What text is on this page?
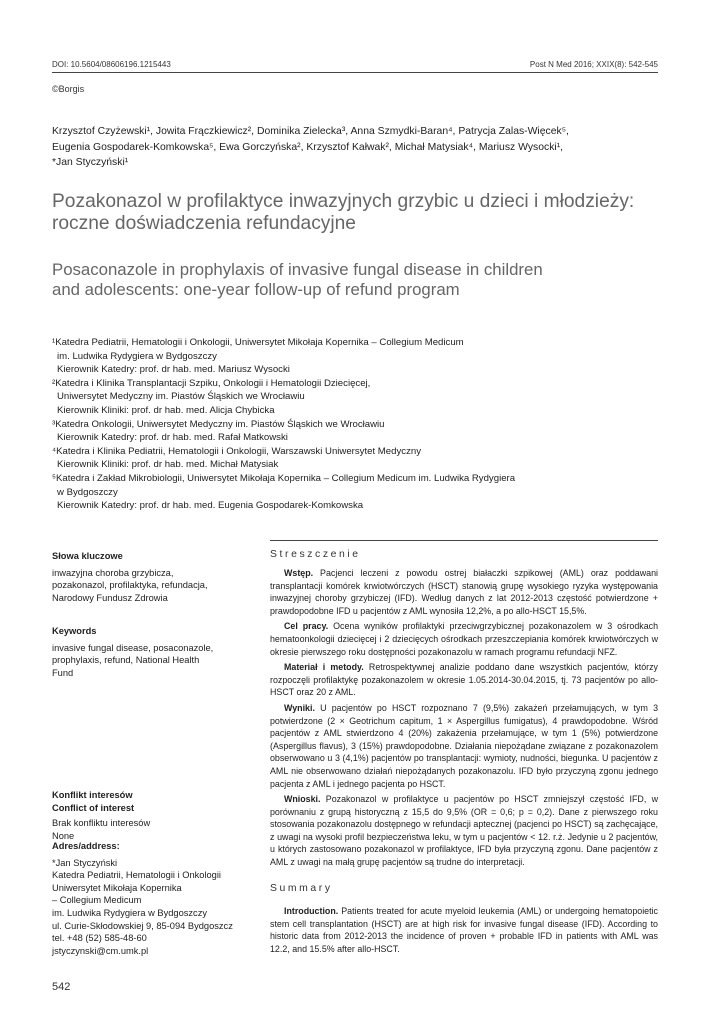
DOI: 10.5604/08606196.1215443	Post N Med 2016; XXIX(8): 542-545
©Borgis
Krzysztof Czyżewski¹, Jowita Frączkiewicz², Dominika Zielecka³, Anna Szmydki-Baran⁴, Patrycja Zalas-Więcek⁵,
Eugenia Gospodarek-Komkowska⁵, Ewa Gorczyńska², Krzysztof Kałwak², Michał Matysiak⁴, Mariusz Wysocki¹,
*Jan Styczyński¹
Pozakonazol w profilaktyce inwazyjnych grzybic u dzieci i młodzieży:
roczne doświadczenia refundacyjne
Posaconazole in prophylaxis of invasive fungal disease in children
and adolescents: one-year follow-up of refund program
¹Katedra Pediatrii, Hematologii i Onkologii, Uniwersytet Mikołaja Kopernika – Collegium Medicum
im. Ludwika Rydygiera w Bydgoszczy
Kierownik Katedry: prof. dr hab. med. Mariusz Wysocki
²Katedra i Klinika Transplantacji Szpiku, Onkologii i Hematologii Dziecięcej,
Uniwersytet Medyczny im. Piastów Śląskich we Wrocławiu
Kierownik Kliniki: prof. dr hab. med. Alicja Chybicka
³Katedra Onkologii, Uniwersytet Medyczny im. Piastów Śląskich we Wrocławiu
Kierownik Katedry: prof. dr hab. med. Rafał Matkowski
⁴Katedra i Klinika Pediatrii, Hematologii i Onkologii, Warszawski Uniwersytet Medyczny
Kierownik Kliniki: prof. dr hab. med. Michał Matysiak
⁵Katedra i Zakład Mikrobiologii, Uniwersytet Mikołaja Kopernika – Collegium Medicum im. Ludwika Rydygiera
w Bydgoszczy
Kierownik Katedry: prof. dr hab. med. Eugenia Gospodarek-Komkowska
Słowa kluczowe
inwazyjna choroba grzybicza,
pozakonazol, profilaktyka, refundacja,
Narodowy Fundusz Zdrowia
Keywords
invasive fungal disease, posaconazole,
prophylaxis, refund, National Health
Fund
Konflikt interesów
Conflict of interest
Brak konfliktu interesów
None
Adres/address:
*Jan Styczyński
Katedra Pediatrii, Hematologii i Onkologii
Uniwersytet Mikołaja Kopernika
– Collegium Medicum
im. Ludwika Rydygiera w Bydgoszczy
ul. Curie-Skłodowskiej 9, 85-094 Bydgoszcz
tel. +48 (52) 585-48-60
jstyczynski@cm.umk.pl
Streszczenie

Wstęp. Pacjenci leczeni z powodu ostrej białaczki szpikowej (AML) oraz poddawani transplantacji komórek krwiotwórczych (HSCT) stanowią grupę wysokiego ryzyka występowania inwazyjnej choroby grzybiczej (IFD). Według danych z lat 2012-2013 częstość potwierdzone + prawdopodobne IFD u pacjentów z AML wynosiła 12,2%, a po allo-HSCT 15,5%.

Cel pracy. Ocena wyników profilaktyki przeciwgrzybicznej pozakonazolem w 3 ośrodkach hematoonkologii dziecięcej i 2 dziecięcych ośrodkach przeszczepiania komórek krwiotwórczych w okresie pierwszego roku dostępności pozakonazolu w ramach programu refundacji NFZ.

Materiał i metody. Retrospektywnej analizie poddano dane wszystkich pacjentów, którzy rozpoczęli profilaktykę pozakonazolem w okresie 1.05.2014-30.04.2015, tj. 73 pacjentów po allo-HSCT oraz 20 z AML.

Wyniki. U pacjentów po HSCT rozpoznano 7 (9,5%) zakażeń przełamujących, w tym 3 potwierdzone (2 × Geotrichum capitum, 1 × Aspergillus fumigatus), 4 prawdopodobne. Wśród pacjentów z AML stwierdzono 4 (20%) zakażenia przełamujące, w tym 1 (5%) potwierdzone (Aspergillus flavus), 3 (15%) prawdopodobne. Działania niepożądane związane z pozakonazolem obserwowano u 3 (4,1%) pacjentów po transplantacji: wymioty, nudności, biegunka. U pacjentów z AML nie obserwowano działań niepożądanych pozakonazolu. IFD było przyczyną zgonu jednego pacjenta z AML i jednego pacjenta po HSCT.

Wnioski. Pozakonazol w profilaktyce u pacjentów po HSCT zmniejszył częstość IFD, w porównaniu z grupą historyczną z 15,5 do 9,5% (OR = 0,6; p = 0,2). Dane z pierwszego roku stosowania pozakonazolu dostępnego w refundacji aptecznej (pacjenci po HSCT) są zachęcające, z uwagi na wysoki profil bezpieczeństwa leku, w tym u pacjentów < 12. r.ż. Jedynie u 2 pacjentów, u których zastosowano pozakonazol w profilaktyce, IFD była przyczyną zgonu. Dane pacjentów z AML z uwagi na małą grupę pacjentów są trudne do interpretacji.

Summary

Introduction. Patients treated for acute myeloid leukemia (AML) or undergoing hematopoietic stem cell transplantation (HSCT) are at high risk for invasive fungal disease (IFD). According to historic data from 2012-2013 the incidence of proven + probable IFD in patients with AML was 12.2, and 15.5% after allo-HSCT.

542
